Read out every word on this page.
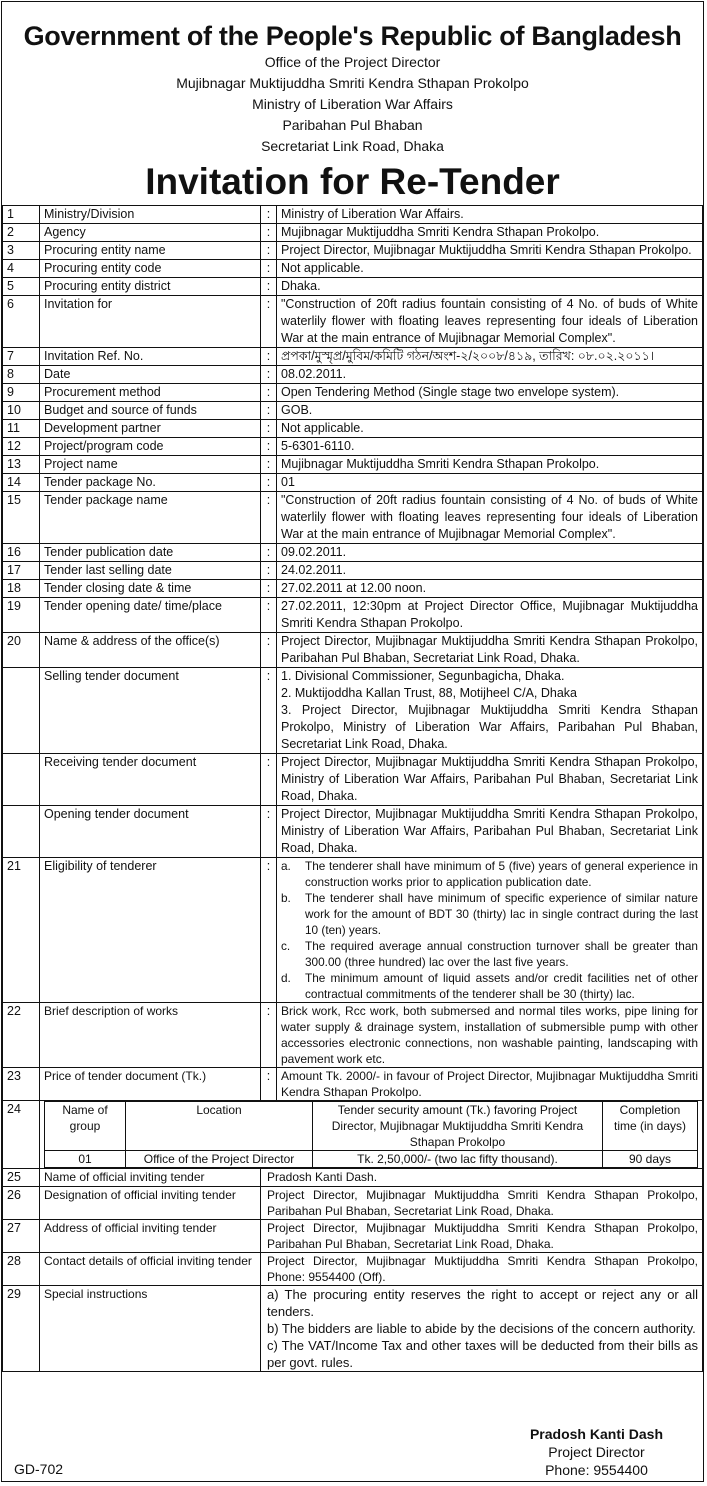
Government of the People's Republic of Bangladesh
Office of the Project Director
Mujibnagar Muktijuddha Smriti Kendra Sthapan Prokolpo
Ministry of Liberation War Affairs
Paribahan Pul Bhaban
Secretariat Link Road, Dhaka
Invitation for Re-Tender
1	Ministry/Division	:	Ministry of Liberation War Affairs.
2	Agency	:	Mujibnagar Muktijuddha Smriti Kendra Sthapan Prokolpo.
3	Procuring entity name	:	Project Director, Mujibnagar Muktijuddha Smriti Kendra Sthapan Prokolpo.
4	Procuring entity code	:	Not applicable.
5	Procuring entity district	:	Dhaka.
6	Invitation for	:	"Construction of 20ft radius fountain consisting of 4 No. of buds of White waterlily flower with floating leaves representing four ideals of Liberation War at the main entrance of Mujibnagar Memorial Complex".
7	Invitation Ref. No.	:	প্রপকা/মুস্মৃপ্র/মুবিম/কমিটি গঠন/অংশ-২/২০০৮/৪১৯, তারিখ: ০৮.০২.২০১১।
8	Date	:	08.02.2011.
9	Procurement method	:	Open Tendering Method (Single stage two envelope system).
10	Budget and source of funds	:	GOB.
11	Development partner	:	Not applicable.
12	Project/program code	:	5-6301-6110.
13	Project name	:	Mujibnagar Muktijuddha Smriti Kendra Sthapan Prokolpo.
14	Tender package No.	:	01
15	Tender package name	:	"Construction of 20ft radius fountain consisting of 4 No. of buds of White waterlily flower with floating leaves representing four ideals of Liberation War at the main entrance of Mujibnagar Memorial Complex".
16	Tender publication date	:	09.02.2011.
17	Tender last selling date	:	24.02.2011.
18	Tender closing date & time	:	27.02.2011 at 12.00 noon.
19	Tender opening date/ time/place	:	27.02.2011, 12:30pm at Project Director Office, Mujibnagar Muktijuddha Smriti Kendra Sthapan Prokolpo.
20	Name & address of the office(s)	:	Project Director, Mujibnagar Muktijuddha Smriti Kendra Sthapan Prokolpo, Paribahan Pul Bhaban, Secretariat Link Road, Dhaka.
	Selling tender document	:	1. Divisional Commissioner, Segunbagicha, Dhaka.
2. Muktijoddha Kallan Trust, 88, Motijheel C/A, Dhaka
3. Project Director, Mujibnagar Muktijuddha Smriti Kendra Sthapan Prokolpo, Ministry of Liberation War Affairs, Paribahan Pul Bhaban, Secretariat Link Road, Dhaka.

	Receiving tender document	:	Project Director, Mujibnagar Muktijuddha Smriti Kendra Sthapan Prokolpo, Ministry of Liberation War Affairs, Paribahan Pul Bhaban, Secretariat Link Road, Dhaka.
	Opening tender document	:	Project Director, Mujibnagar Muktijuddha Smriti Kendra Sthapan Prokolpo, Ministry of Liberation War Affairs, Paribahan Pul Bhaban, Secretariat Link Road, Dhaka.
21	Eligibility of tenderer	:	a.	The tenderer shall have minimum of 5 (five) years of general experience in construction works prior to application publication date.
b.	The tenderer shall have minimum of specific experience of similar nature work for the amount of BDT 30 (thirty) lac in single contract during the last 10 (ten) years.
c.	The required average annual construction turnover shall be greater than 300.00 (three hundred) lac over the last five years.
d.	The minimum amount of liquid assets and/or credit facilities net of other contractual commitments of the tenderer shall be 30 (thirty) lac.

22	Brief description of works	:	Brick work, Rcc work, both submersed and normal tiles works, pipe lining for water supply & drainage system, installation of submersible pump with other accessories electronic connections, non washable painting, landscaping with pavement work etc.
23	Price of tender document (Tk.)	:	Amount Tk. 2000/- in favour of Project Director, Mujibnagar Muktijuddha Smriti Kendra Sthapan Prokolpo.
24		Name of group	Location	Tender security amount (Tk.) favoring Project Director, Mujibnagar Muktijuddha Smriti Kendra Sthapan Prokolpo	Completion time (in days)
01	Office of the Project Director	Tk. 2,50,000/- (two lac fifty thousand).	90 days

25	Name of official inviting tender	Pradosh Kanti Dash.
26	Designation of official inviting tender	Project Director, Mujibnagar Muktijuddha Smriti Kendra Sthapan Prokolpo, Paribahan Pul Bhaban, Secretariat Link Road, Dhaka.
27	Address of official inviting tender	Project Director, Mujibnagar Muktijuddha Smriti Kendra Sthapan Prokolpo, Paribahan Pul Bhaban, Secretariat Link Road, Dhaka.
28	Contact details of official inviting tender	Project Director, Mujibnagar Muktijuddha Smriti Kendra Sthapan Prokolpo, Phone: 9554400 (Off).
29	Special instructions	a) The procuring entity reserves the right to accept or reject any or all tenders.
b) The bidders are liable to abide by the decisions of the concern authority.
c) The VAT/Income Tax and other taxes will be deducted from their bills as per govt. rules.
Pradosh Kanti Dash
Project Director
Phone: 9554400
GD-702
